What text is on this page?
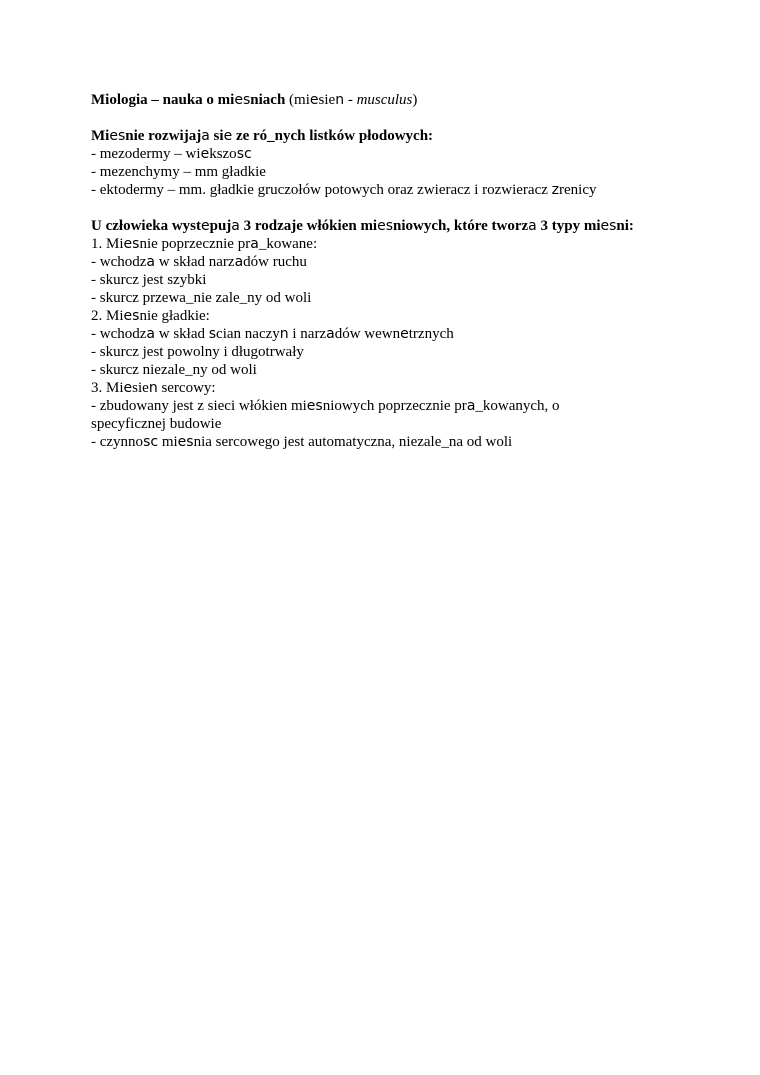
Miologia – nauka o miesniach (miesien - musculus)
Miesnie rozwijaja sie ze ró_nych listków płodowych:
- mezodermy – wiekszosc
- mezenchymy – mm gładkie
- ektodermy – mm. gładkie gruczołów potowych oraz zwieracz i rozwieracz zrenicy
U człowieka wystepuja 3 rodzaje włókien miesniowych, które tworza 3 typy miesni:
1. Miesnie poprzecznie pra_kowane:
- wchodza w skład narzadów ruchu
- skurcz jest szybki
- skurcz przewa_nie zale_ny od woli
2. Miesnie gładkie:
- wchodza w skład scian naczyn i narzadów wewnetrznych
- skurcz jest powolny i długotrwały
- skurcz niezale_ny od woli
3. Miesien sercowy:
- zbudowany jest z sieci włókien miesniowych poprzecznie pra_kowanych, o
specyficznej budowie
- czynnosc miesnia sercowego jest automatyczna, niezale_na od woli
